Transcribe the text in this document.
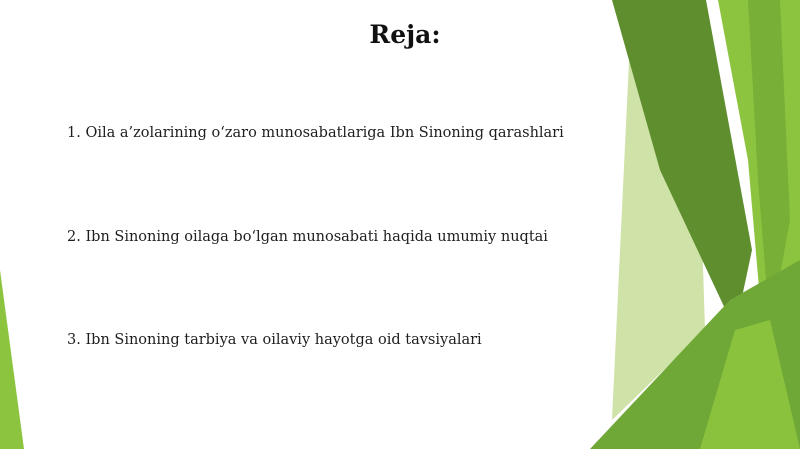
Reja:
1. Oila a’zolarining o‘zaro munosabatlariga Ibn Sinoning qarashlari
2. Ibn Sinoning oilaga bo‘lgan munosabati haqida umumiy nuqtai
3. Ibn Sinoning tarbiya va oilaviy hayotga oid tavsiyalari
